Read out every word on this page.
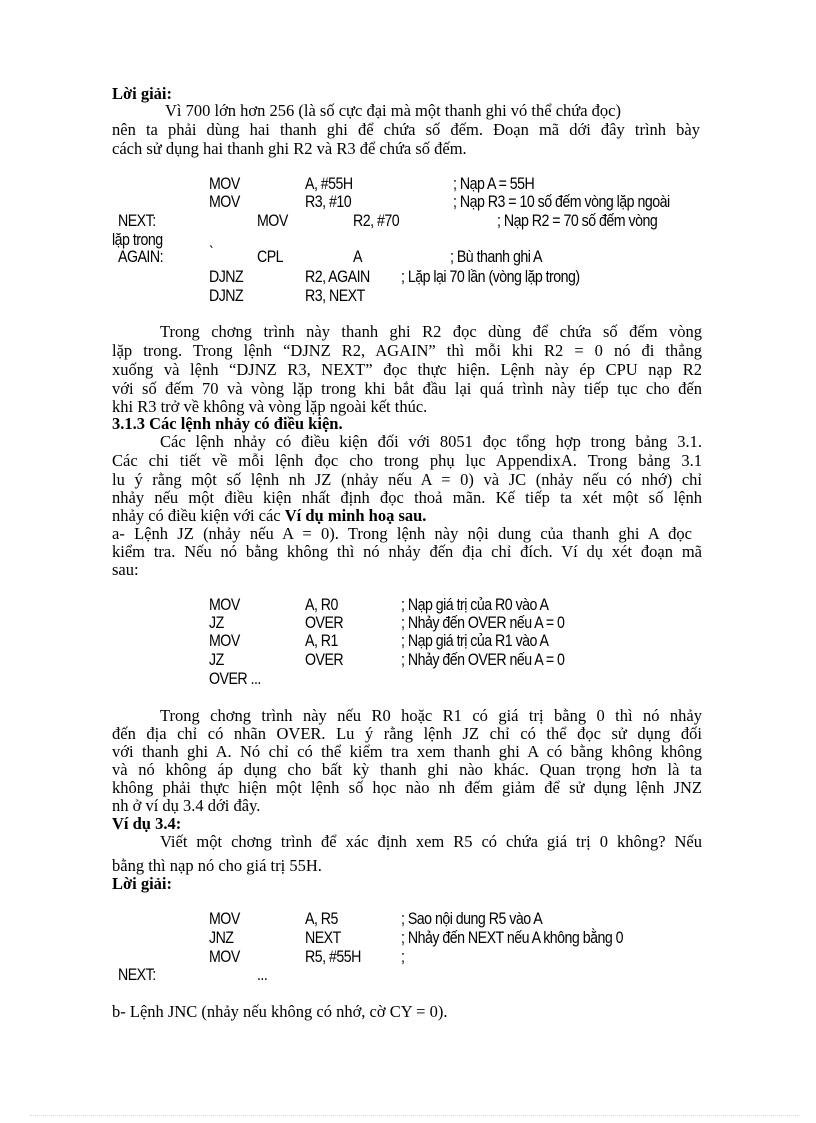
Lời giải:
Vì 700 lớn hơn 256 (là số cực đại mà một thanh ghi vó thể chứa đọc)
nên ta phải dùng hai thanh ghi để chứa số đếm. Đoạn mã dới đây trình bày
cách sử dụng hai thanh ghi R2 và R3 để chứa số đếm.
MOV	A, #55H	; Nạp A = 55H
MOV	R3, #10	; Nạp R3 = 10 số đếm vòng lặp ngoài
NEXT:	MOV	R2, #70	; Nạp R2 = 70 số đếm vòng
lặp trong
AGAIN:	`	CPL	A	; Bù thanh ghi A
DJNZ	R2, AGAIN ; Lặp lại 70 lần (vòng lặp trong)
DJNZ	R3, NEXT
Trong chơng trình này thanh ghi R2 đọc dùng để chứa số đếm vòng
lặp trong. Trong lệnh “DJNZ R2, AGAIN” thì mỗi khi R2 = 0 nó đi thẳng
xuống và lệnh “DJNZ R3, NEXT” đọc thực hiện. Lệnh này ép CPU nạp R2
với số đếm 70 và vòng lặp trong khi bắt đầu lại quá trình này tiếp tục cho đến
khi R3 trở về không và vòng lặp ngoài kết thúc.
3.1.3 Các lệnh nhảy có điều kiện.
Các lệnh nhảy có điều kiện đối với 8051 đọc tổng hợp trong bảng 3.1.
Các chi tiết về mỗi lệnh đọc cho trong phụ lục AppendixA. Trong bảng 3.1
lu ý rằng một số lệnh nh JZ (nhảy nếu A = 0) và JC (nhảy nếu có nhớ) chỉ
nhảy nếu một điều kiện nhất định đọc thoả mãn. Kế tiếp ta xét một số lệnh
nhảy có điều kiện với các Ví dụ minh hoạ sau.
a- Lệnh JZ (nhảy nếu A = 0). Trong lệnh này nội dung của thanh ghi A đọc
kiểm tra. Nếu nó bằng không thì nó nhảy đến địa chỉ đích. Ví dụ xét đoạn mã
sau:
MOV	A, R0	; Nạp giá trị của R0 vào A
JZ	OVER	; Nhảy đến OVER nếu A = 0
MOV	A, R1	; Nạp giá trị của R1 vào A
JZ	OVER	; Nhảy đến OVER nếu A = 0
OVER ...
Trong chơng trình này nếu R0 hoặc R1 có giá trị bằng 0 thì nó nhảy
đến địa chỉ có nhãn OVER. Lu ý rằng lệnh JZ chỉ có thể đọc sử dụng đối
với thanh ghi A. Nó chỉ có thể kiểm tra xem thanh ghi A có bằng không không
và nó không áp dụng cho bất kỳ thanh ghi nào khác. Quan trọng hơn là ta
không phải thực hiện một lệnh số học nào nh đếm giảm để sử dụng lệnh JNZ
nh ở ví dụ 3.4 dới đây.
Ví dụ 3.4:
Viết một chơng trình để xác định xem R5 có chứa giá trị 0 không? Nếu
bằng thì nạp nó cho giá trị 55H.
Lời giải:
MOV	A, R5	; Sao nội dung R5 vào A
JNZ	NEXT	; Nhảy đến NEXT nếu A không bằng 0
MOV	R5, #55H ;
NEXT:	...
b- Lệnh JNC (nhảy nếu không có nhớ, cờ CY = 0).
